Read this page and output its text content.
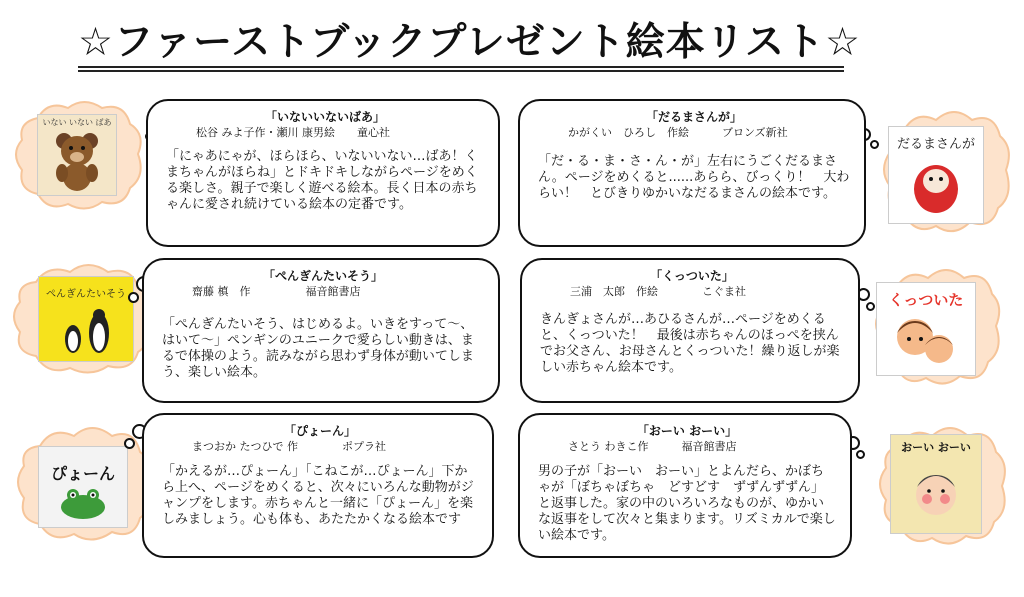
☆ファーストブックプレゼント絵本リスト☆
いない いない ばあ
ぺんぎんたいそう
ぴょーん
だるまさんが
くっついた
おーい おーい
「いないいないばあ」
松谷 みよ子作・瀬川 康男絵　　童心社
「にゃあにゃが、ほらほら、いないいない…ばあ！くまちゃんがほらね」とドキドキしながらページをめくる楽しさ。親子で楽しく遊べる絵本。長く日本の赤ちゃんに愛され続けている絵本の定番です。
「だるまさんが」
かがくい　ひろし　作絵　　　ブロンズ新社
「だ・る・ま・さ・ん・が」左右にうごくだるまさん。ページをめくると......あらら、びっくり！　大わらい！　とびきりゆかいなだるまさんの絵本です。
「ぺんぎんたいそう」
齋藤 槙　作　　　　　福音館書店
「ぺんぎんたいそう、はじめるよ。いきをすって～、はいて～」ペンギンのユニークで愛らしい動きは、まるで体操のよう。読みながら思わず身体が動いてしまう、楽しい絵本。
「くっついた」
三浦　太郎　作絵　　　　こぐま社
きんぎょさんが…あひるさんが…ページをめくると、くっついた！　最後は赤ちゃんのほっぺを挟んでお父さん、お母さんとくっついた！繰り返しが楽しい赤ちゃん絵本です。
「ぴょーん」
まつおか たつひで 作　　　　ポプラ社
「かえるが…ぴょーん」「こねこが…ぴょーん」下から上へ、ページをめくると、次々にいろんな動物がジャンプをします。赤ちゃんと一緒に「ぴょーん」を楽しみましょう。心も体も、あたたかくなる絵本です
「おーい おーい」
さとう わきこ作　　　福音館書店
男の子が「おーい　おーい」とよんだら、かぼちゃが「ぼちゃぼちゃ　どすどす　ずずんずずん」と返事した。家の中のいろいろなものが、ゆかいな返事をして次々と集まります。リズミカルで楽しい絵本です。
